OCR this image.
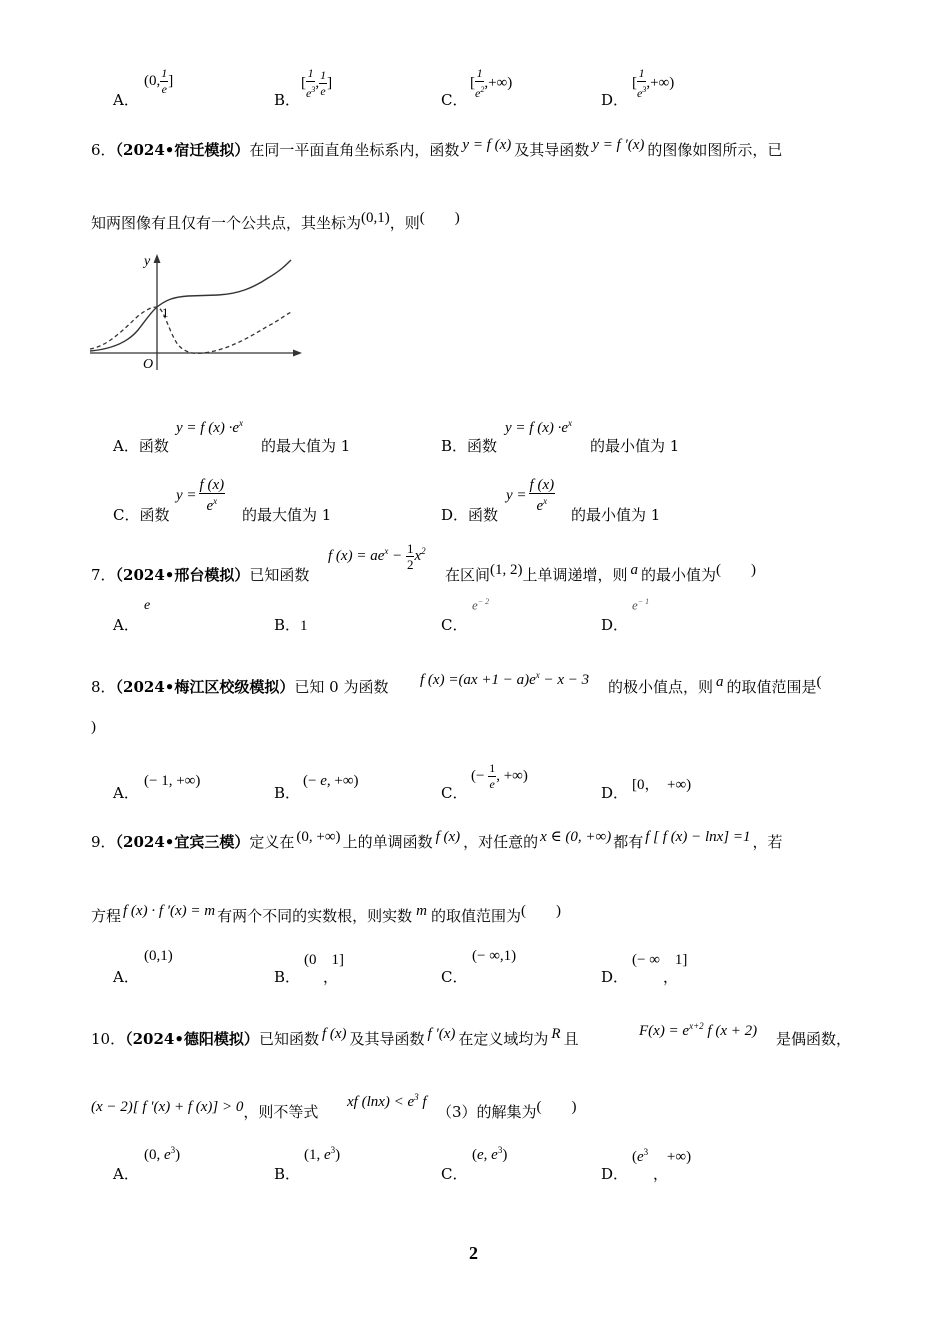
A．
(0, $\frac{1}{e}$ ]
B．
[ $\frac{1}{e^3}$ , $\frac{1}{e}$ ]
C．
[ $\frac{1}{e^2}$ ,+∞)
D．
[ $\frac{1}{e^3}$ ,+∞)
6．（2024•宿迁模拟）在同一平面直角坐标系内，函数 y = f (x) 及其导函数 y = f ′(x) 的图像如图所示，已
知两图像有且仅有一个公共点，其坐标为(0,1)，则(　　)
y
O
1
A．函数
y = f $(x) \cdot e^x$
的最大值为 1	B．函数
y = f $(x) \cdot e^x$
的最小值为 1
C．函数
$y = \frac{f (x)}{e^x}$
的最大值为 1	D．函数
$y = \frac{f (x)}{e^x}$
的最小值为 1
7．（2024•邢台模拟）已知函数
f $(x) = ae^x - \frac{1}{2} x^2$
在区间(1, 2)上单调递增，则 a 的最小值为(　　)
A．
e
B．1	C．
$e^{- 2}$
D．
$e^{- 1}$
8．（2024•梅江区校级模拟）已知 0 为函数 f $(x) =(ax +1 - a)e^x - x - 3$ 的极小值点，则 a 的取值范围是(
)
A．
(− 1, +∞)
B．
(− e, +∞)
C．
(− $\frac{1}{e}$ , +∞)
D． [0，　+∞)
9．（2024•宜宾三模）定义在 (0, +∞) 上的单调函数 f (x) ，对任意的 x ∈ (0, +∞) 都有 f [ f (x) − lnx] =1 ，若
方程 f (x) · f ′(x) = m 有两个不同的实数根，则实数 m 的取值范围为(　　)
A．
(0,1)
B．
(0　1]
，	C．
(− ∞,1)
D．
(− ∞　1]
，
10．（2024•德阳模拟）已知函数 f (x) 及其导函数 f ′(x) 在定义域均为 R 且	$F(x) = e^{x+2}$ f (x + 2) 是偶函数，
(x − 2)[ f ′(x) + f (x)] > 0，则不等式
xf $(\ln x) < e^3$ f
（3）的解集为(　　)
A．
(0, $e^3$)
B．
(1, $e^3$)
C．
(e, $e^3$)
D．
($e^3$　 +∞)
，
2
